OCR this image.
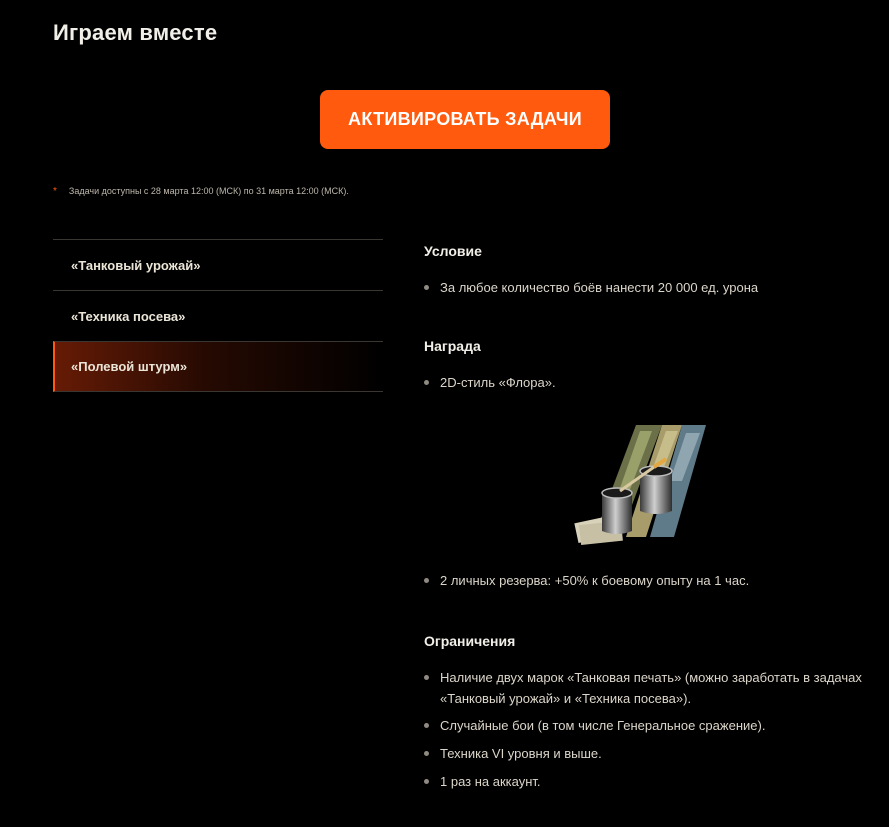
Играем вместе
АКТИВИРОВАТЬ ЗАДАЧИ
* Задачи доступны с 28 марта 12:00 (МСК) по 31 марта 12:00 (МСК).
«Танковый урожай»
«Техника посева»
«Полевой штурм»
Условие
За любое количество боёв нанести 20 000 ед. урона
Награда
2D-стиль «Флора».
2 личных резерва: +50% к боевому опыту на 1 час.
Ограничения
Наличие двух марок «Танковая печать» (можно заработать в задачах
«Танковый урожай» и «Техника посева»).
Случайные бои (в том числе Генеральное сражение).
Техника VI уровня и выше.
1 раз на аккаунт.
